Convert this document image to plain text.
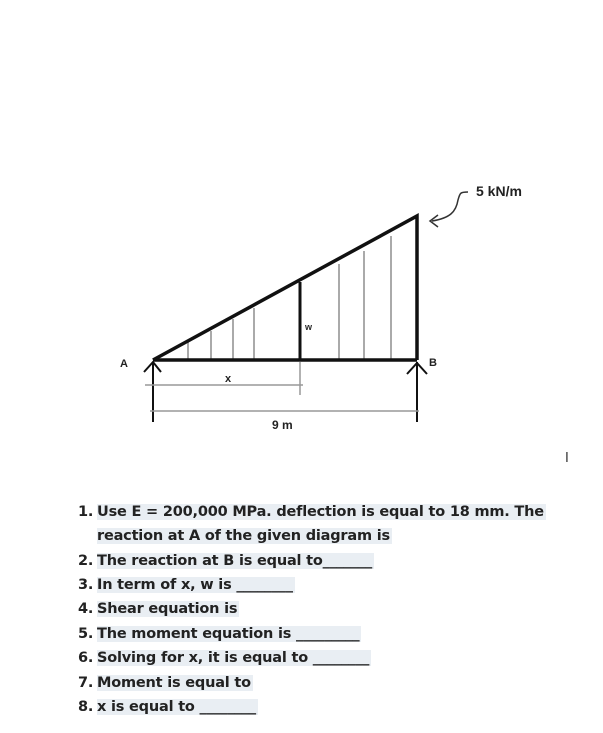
5 kN/m
A	B
x
w
9 m
I
1. Use E = 200,000 MPa. deflection is equal to 18 mm. The
reaction at A of the given diagram is
2. The reaction at B is equal to_______
3. In term of x, w is ________
4. Shear equation is
5. The moment equation is _________
6. Solving for x, it is equal to ________
7. Moment is equal to
8. x is equal to ________
